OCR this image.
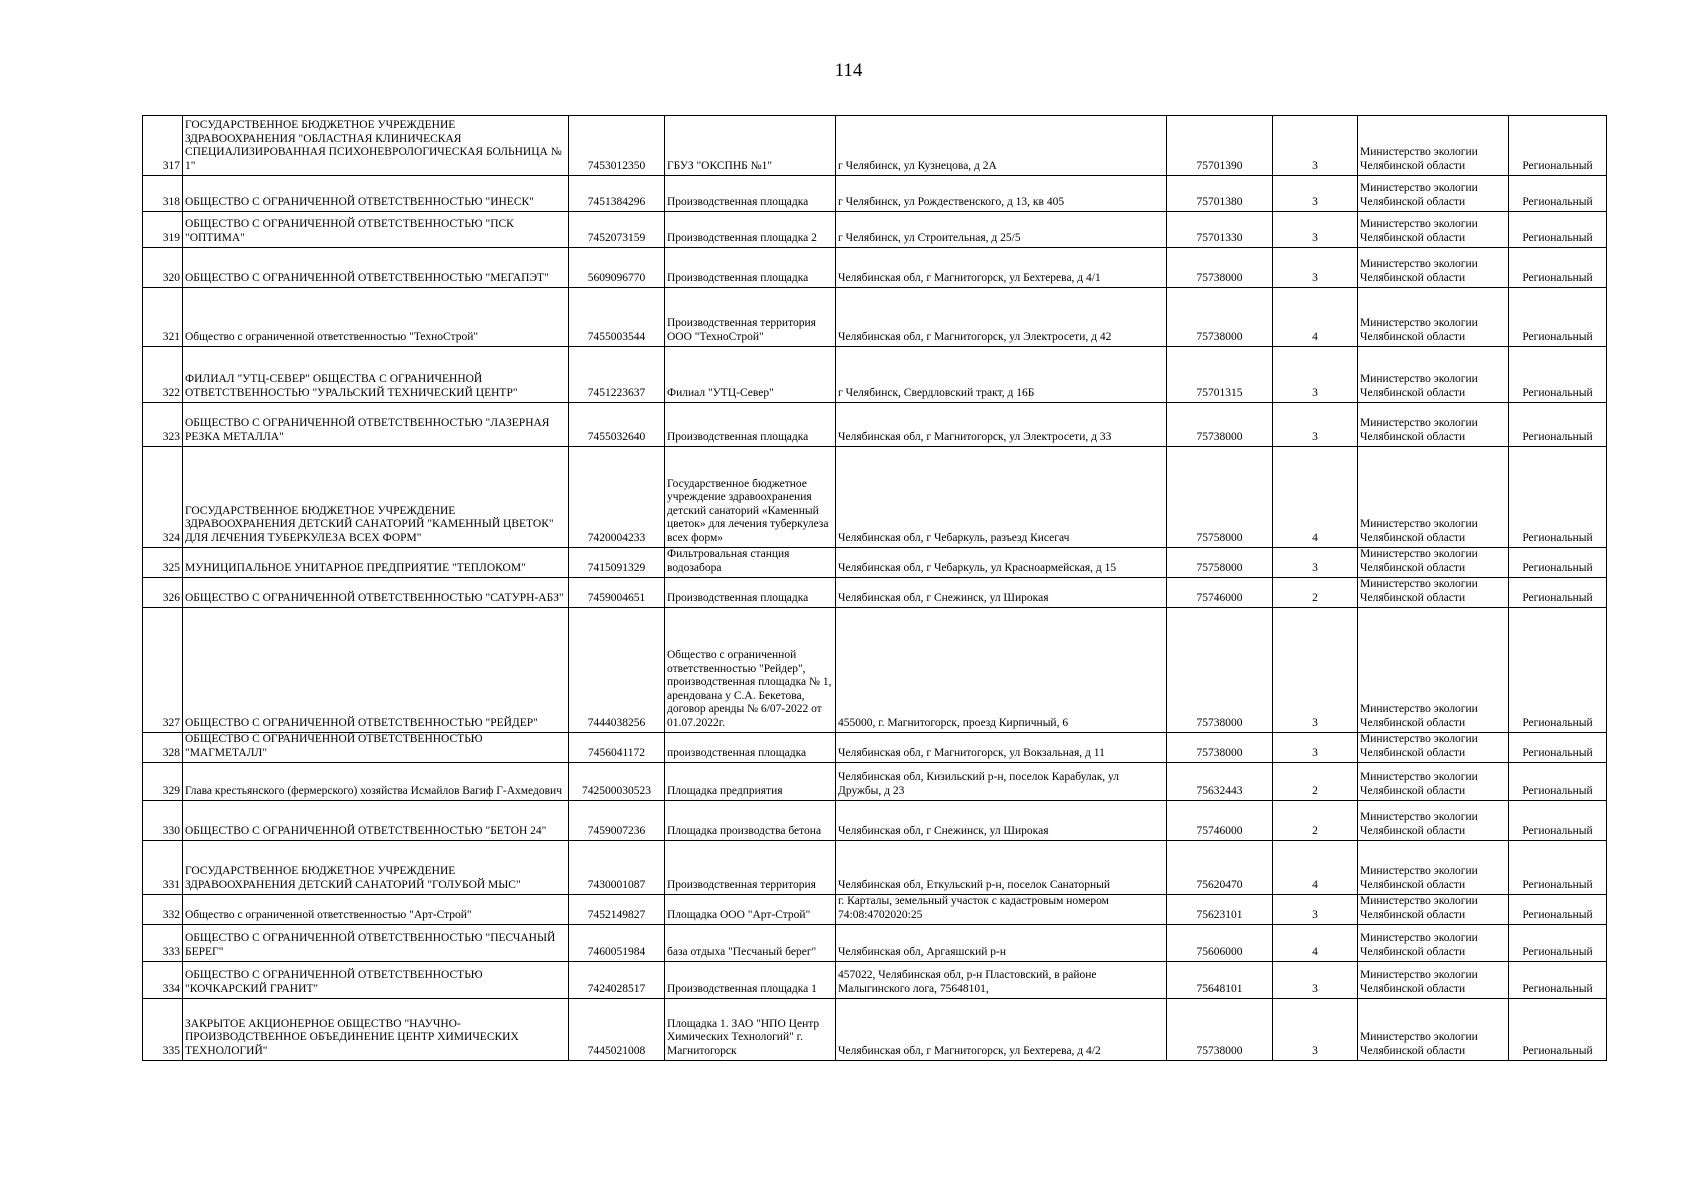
114
317	ГОСУДАРСТВЕННОЕ БЮДЖЕТНОЕ УЧРЕЖДЕНИЕ ЗДРАВООХРАНЕНИЯ "ОБЛАСТНАЯ КЛИНИЧЕСКАЯ СПЕЦИАЛИЗИРОВАННАЯ ПСИХОНЕВРОЛОГИЧЕСКАЯ БОЛЬНИЦА № 1"	7453012350	ГБУЗ "ОКСПНБ №1"	г Челябинск, ул Кузнецова, д 2А	75701390	3	Министерство экологии Челябинской области	Региональный
318	ОБЩЕСТВО С ОГРАНИЧЕННОЙ ОТВЕТСТВЕННОСТЬЮ "ИНЕСК"	7451384296	Производственная площадка	г Челябинск, ул Рождественского, д 13, кв 405	75701380	3	Министерство экологии Челябинской области	Региональный
319	ОБЩЕСТВО С ОГРАНИЧЕННОЙ ОТВЕТСТВЕННОСТЬЮ "ПСК "ОПТИМА"	7452073159	Производственная площадка 2	г Челябинск, ул Строительная, д 25/5	75701330	3	Министерство экологии Челябинской области	Региональный
320	ОБЩЕСТВО С ОГРАНИЧЕННОЙ ОТВЕТСТВЕННОСТЬЮ "МЕГАПЭТ"	5609096770	Производственная площадка	Челябинская обл, г Магнитогорск, ул Бехтерева, д 4/1	75738000	3	Министерство экологии Челябинской области	Региональный
321	Общество с ограниченной ответственностью "ТехноСтрой"	7455003544	Производственная территория ООО "ТехноСтрой"	Челябинская обл, г Магнитогорск, ул Электросети, д 42	75738000	4	Министерство экологии Челябинской области	Региональный
322	ФИЛИАЛ "УТЦ-СЕВЕР" ОБЩЕСТВА С ОГРАНИЧЕННОЙ ОТВЕТСТВЕННОСТЬЮ "УРАЛЬСКИЙ ТЕХНИЧЕСКИЙ ЦЕНТР"	7451223637	Филиал "УТЦ-Север"	г Челябинск, Свердловский тракт, д 16Б	75701315	3	Министерство экологии Челябинской области	Региональный
323	ОБЩЕСТВО С ОГРАНИЧЕННОЙ ОТВЕТСТВЕННОСТЬЮ "ЛАЗЕРНАЯ РЕЗКА МЕТАЛЛА"	7455032640	Производственная площадка	Челябинская обл, г Магнитогорск, ул Электросети, д 33	75738000	3	Министерство экологии Челябинской области	Региональный
324	ГОСУДАРСТВЕННОЕ БЮДЖЕТНОЕ УЧРЕЖДЕНИЕ ЗДРАВООХРАНЕНИЯ ДЕТСКИЙ САНАТОРИЙ "КАМЕННЫЙ ЦВЕТОК" ДЛЯ ЛЕЧЕНИЯ ТУБЕРКУЛЕЗА ВСЕХ ФОРМ"	7420004233	Государственное бюджетное учреждение здравоохранения детский санаторий «Каменный цветок» для лечения туберкулеза всех форм»	Челябинская обл, г Чебаркуль, разъезд Кисегач	75758000	4	Министерство экологии Челябинской области	Региональный
325	МУНИЦИПАЛЬНОЕ УНИТАРНОЕ ПРЕДПРИЯТИЕ "ТЕПЛОКОМ"	7415091329	Фильтровальная станция водозабора	Челябинская обл, г Чебаркуль, ул Красноармейская, д 15	75758000	3	Министерство экологии Челябинской области	Региональный
326	ОБЩЕСТВО С ОГРАНИЧЕННОЙ ОТВЕТСТВЕННОСТЬЮ "САТУРН-АБЗ"	7459004651	Производственная площадка	Челябинская обл, г Снежинск, ул Широкая	75746000	2	Министерство экологии Челябинской области	Региональный
327	ОБЩЕСТВО С ОГРАНИЧЕННОЙ ОТВЕТСТВЕННОСТЬЮ "РЕЙДЕР"	7444038256	Общество с ограниченной ответственностью "Рейдер", производственная площадка № 1, арендована у С.А. Бекетова, договор аренды № 6/07-2022 от 01.07.2022г.	455000, г. Магнитогорск, проезд Кирпичный, 6	75738000	3	Министерство экологии Челябинской области	Региональный
328	ОБЩЕСТВО С ОГРАНИЧЕННОЙ ОТВЕТСТВЕННОСТЬЮ "МАГМЕТАЛЛ"	7456041172	производственная площадка	Челябинская обл, г Магнитогорск, ул Вокзальная, д 11	75738000	3	Министерство экологии Челябинской области	Региональный
329	Глава крестьянского (фермерского) хозяйства Исмайлов Вагиф Г-Ахмедович	742500030523	Площадка предприятия	Челябинская обл, Кизильский р-н, поселок Карабулак, ул Дружбы, д 23	75632443	2	Министерство экологии Челябинской области	Региональный
330	ОБЩЕСТВО С ОГРАНИЧЕННОЙ ОТВЕТСТВЕННОСТЬЮ "БЕТОН 24"	7459007236	Площадка производства бетона	Челябинская обл, г Снежинск, ул Широкая	75746000	2	Министерство экологии Челябинской области	Региональный
331	ГОСУДАРСТВЕННОЕ БЮДЖЕТНОЕ УЧРЕЖДЕНИЕ ЗДРАВООХРАНЕНИЯ ДЕТСКИЙ САНАТОРИЙ "ГОЛУБОЙ МЫС"	7430001087	Производственная территория	Челябинская обл, Еткульский р-н, поселок Санаторный	75620470	4	Министерство экологии Челябинской области	Региональный
332	Общество с ограниченной ответственностью "Арт-Строй"	7452149827	Площадка ООО "Арт-Строй"	г. Карталы, земельный участок с кадастровым номером 74:08:4702020:25	75623101	3	Министерство экологии Челябинской области	Региональный
333	ОБЩЕСТВО С ОГРАНИЧЕННОЙ ОТВЕТСТВЕННОСТЬЮ "ПЕСЧАНЫЙ БЕРЕГ"	7460051984	база отдыха "Песчаный берег"	Челябинская обл, Аргаяшский р-н	75606000	4	Министерство экологии Челябинской области	Региональный
334	ОБЩЕСТВО С ОГРАНИЧЕННОЙ ОТВЕТСТВЕННОСТЬЮ "КОЧКАРСКИЙ ГРАНИТ"	7424028517	Производственная площадка 1	457022, Челябинская обл, р-н Пластовский, в районе Малыгинского лога, 75648101,	75648101	3	Министерство экологии Челябинской области	Региональный
335	ЗАКРЫТОЕ АКЦИОНЕРНОЕ ОБЩЕСТВО "НАУЧНО-ПРОИЗВОДСТВЕННОЕ ОБЪЕДИНЕНИЕ ЦЕНТР ХИМИЧЕСКИХ ТЕХНОЛОГИЙ"	7445021008	Площадка 1. ЗАО "НПО Центр Химических Технологий" г. Магнитогорск	Челябинская обл, г Магнитогорск, ул Бехтерева, д 4/2	75738000	3	Министерство экологии Челябинской области	Региональный
